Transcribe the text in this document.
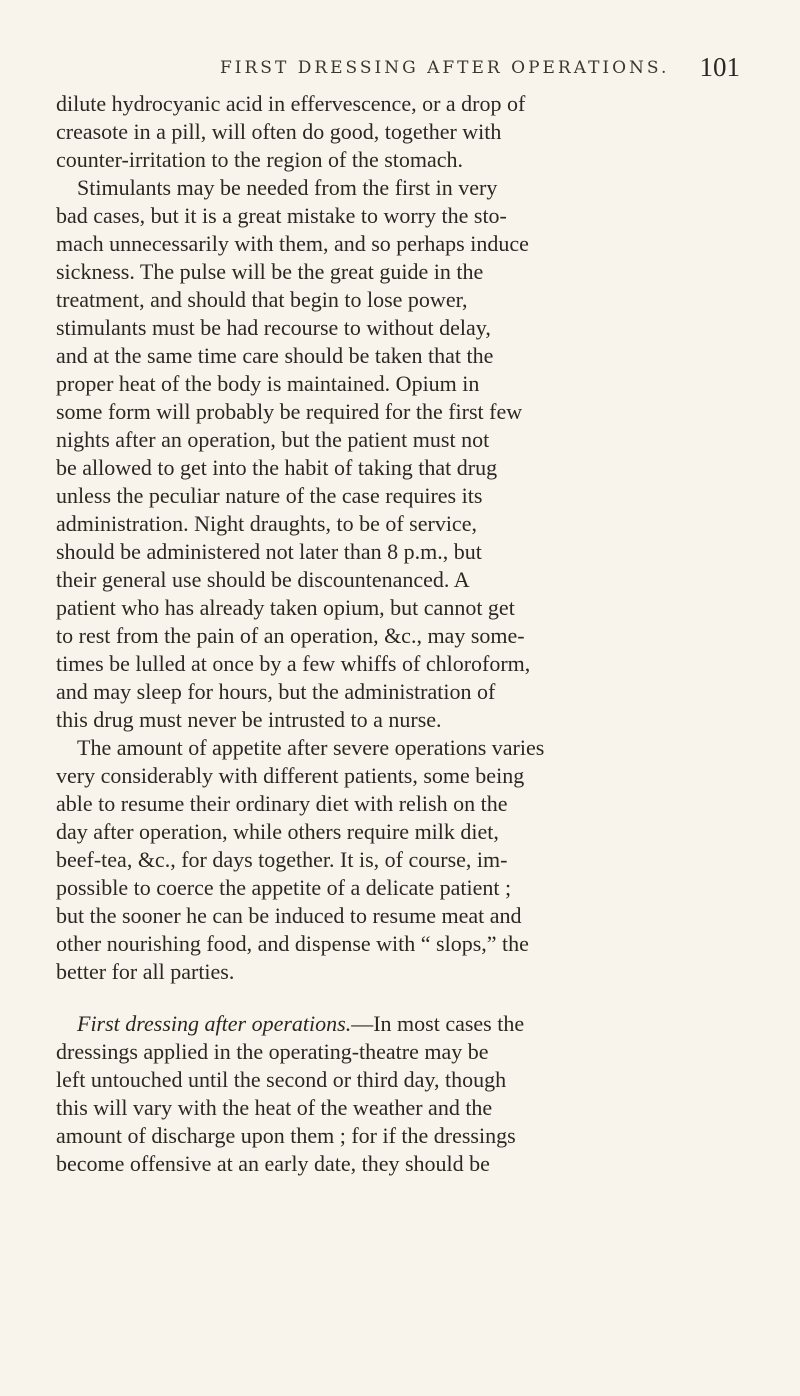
FIRST DRESSING AFTER OPERATIONS. 101
dilute hydrocyanic acid in effervescence, or a drop of
creasote in a pill, will often do good, together with
counter-irritation to the region of the stomach.
Stimulants may be needed from the first in very
bad cases, but it is a great mistake to worry the sto-
mach unnecessarily with them, and so perhaps induce
sickness. The pulse will be the great guide in the
treatment, and should that begin to lose power,
stimulants must be had recourse to without delay,
and at the same time care should be taken that the
proper heat of the body is maintained. Opium in
some form will probably be required for the first few
nights after an operation, but the patient must not
be allowed to get into the habit of taking that drug
unless the peculiar nature of the case requires its
administration. Night draughts, to be of service,
should be administered not later than 8 p.m., but
their general use should be discountenanced. A
patient who has already taken opium, but cannot get
to rest from the pain of an operation, &c., may some-
times be lulled at once by a few whiffs of chloroform,
and may sleep for hours, but the administration of
this drug must never be intrusted to a nurse.
The amount of appetite after severe operations varies
very considerably with different patients, some being
able to resume their ordinary diet with relish on the
day after operation, while others require milk diet,
beef-tea, &c., for days together. It is, of course, im-
possible to coerce the appetite of a delicate patient ;
but the sooner he can be induced to resume meat and
other nourishing food, and dispense with “ slops,” the
better for all parties.
First dressing after operations.—In most cases the
dressings applied in the operating-theatre may be
left untouched until the second or third day, though
this will vary with the heat of the weather and the
amount of discharge upon them ; for if the dressings
become offensive at an early date, they should be
